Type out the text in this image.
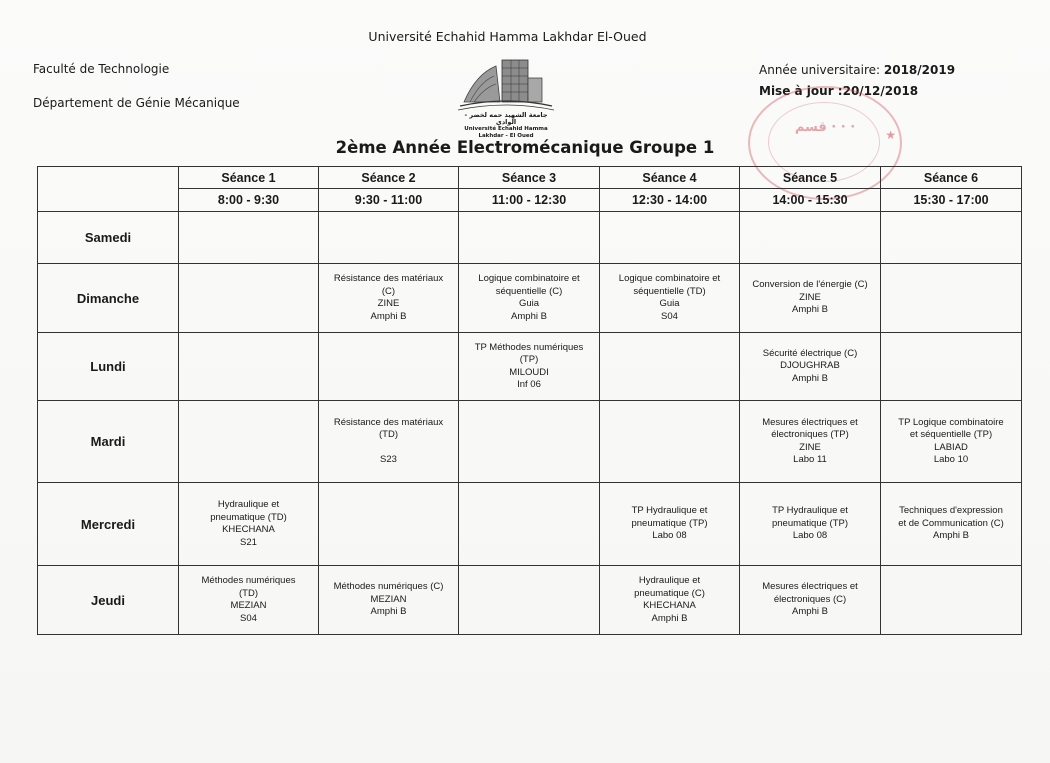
Université Echahid Hamma Lakhdar El-Oued
Faculté de Technologie
Département de Génie Mécanique
Année universitaire: 2018/2019
Mise à jour :20/12/2018
جامعة الشهيد حمه لخضر - الوادي
Université Echahid Hamma Lakhdar - El Oued
ﻗﺴﻢ · · ·	★
2ème Année Electromécanique Groupe 1
	Séance 1	Séance 2	Séance 3	Séance 4	Séance 5	Séance 6
	8:00 - 9:30	9:30 - 11:00	11:00 - 12:30	12:30 - 14:00	14:00 - 15:30	15:30 - 17:00
Samedi						
Dimanche		Résistance des matériaux
(C)
ZINE
Amphi B	Logique combinatoire et
séquentielle (C)
Guia
Amphi B	Logique combinatoire et
séquentielle (TD)
Guia
S04	Conversion de l'énergie (C)
ZINE
Amphi B	

Lundi			TP Méthodes numériques
(TP)
MILOUDI
Inf 06		Sécurité électrique (C)
DJOUGHRAB
Amphi B	

Mardi		Résistance des matériaux
(TD)

S23			Mesures électriques et
électroniques (TP)
ZINE
Labo 11	TP Logique combinatoire
et séquentielle (TP)
LABIAD
Labo 10

Mercredi	Hydraulique et
pneumatique (TD)
KHECHANA
S21			TP Hydraulique et
pneumatique (TP)
Labo 08	TP Hydraulique et
pneumatique (TP)
Labo 08	Techniques d'expression
et de Communication (C)
Amphi B

Jeudi	Méthodes numériques
(TD)
MEZIAN
S04	Méthodes numériques (C)
MEZIAN
Amphi B		Hydraulique et
pneumatique (C)
KHECHANA
Amphi B	Mesures électriques et
électroniques (C)
Amphi B	
